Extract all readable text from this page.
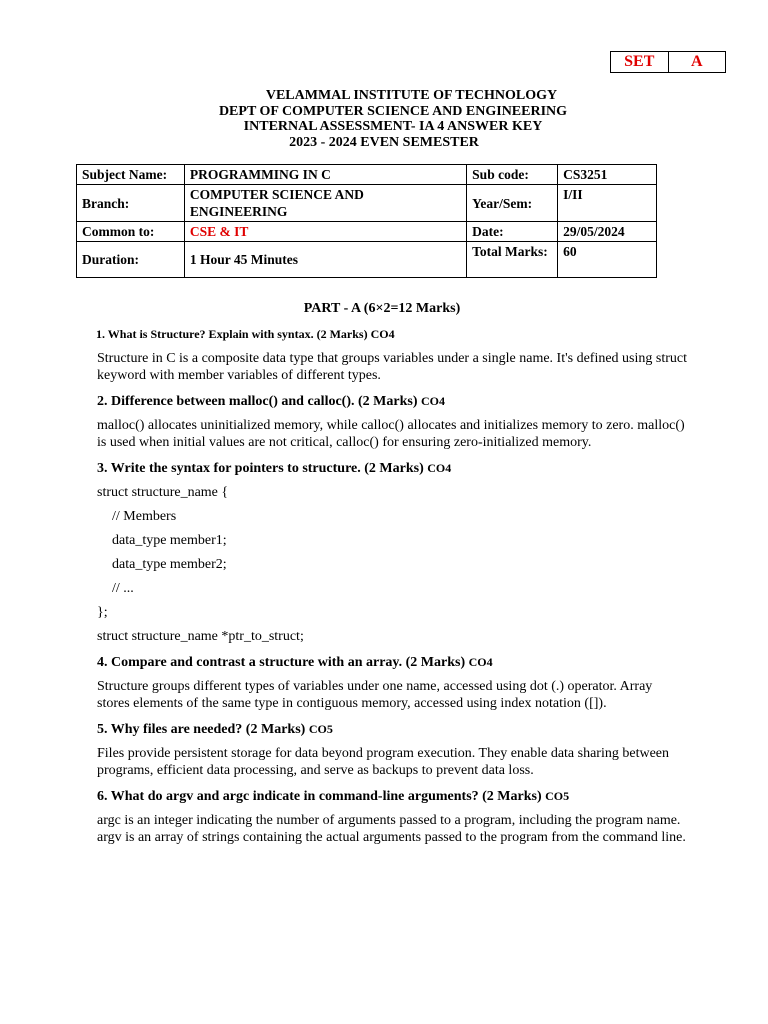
SET	A
VELAMMAL INSTITUTE OF TECHNOLOGY
DEPT OF COMPUTER SCIENCE AND ENGINEERING
INTERNAL ASSESSMENT- IA 4 ANSWER KEY
2023 - 2024 EVEN SEMESTER
Subject Name:	PROGRAMMING IN C	Sub code:	CS3251
Branch:	COMPUTER SCIENCE AND ENGINEERING	Year/Sem:	I/II
Common to:	CSE & IT	Date:	29/05/2024
Duration:	1 Hour 45 Minutes	Total Marks:	60
PART - A (6×2=12 Marks)
1. What is Structure? Explain with syntax. (2 Marks) CO4

Structure in C is a composite data type that groups variables under a single name. It's defined using struct keyword with member variables of different types.

2. Difference between malloc() and calloc(). (2 Marks) CO4

malloc() allocates uninitialized memory, while calloc() allocates and initializes memory to zero. malloc() is used when initial values are not critical, calloc() for ensuring zero-initialized memory.

3. Write the syntax for pointers to structure. (2 Marks) CO4
struct structure_name {
// Members
data_type member1;
data_type member2;
// ...
};
struct structure_name *ptr_to_struct;
4. Compare and contrast a structure with an array. (2 Marks) CO4

Structure groups different types of variables under one name, accessed using dot (.) operator. Array stores elements of the same type in contiguous memory, accessed using index notation ([]).

5. Why files are needed? (2 Marks) CO5

Files provide persistent storage for data beyond program execution. They enable data sharing between programs, efficient data processing, and serve as backups to prevent data loss.

6. What do argv and argc indicate in command-line arguments? (2 Marks) CO5

argc is an integer indicating the number of arguments passed to a program, including the program name. argv is an array of strings containing the actual arguments passed to the program from the command line.
